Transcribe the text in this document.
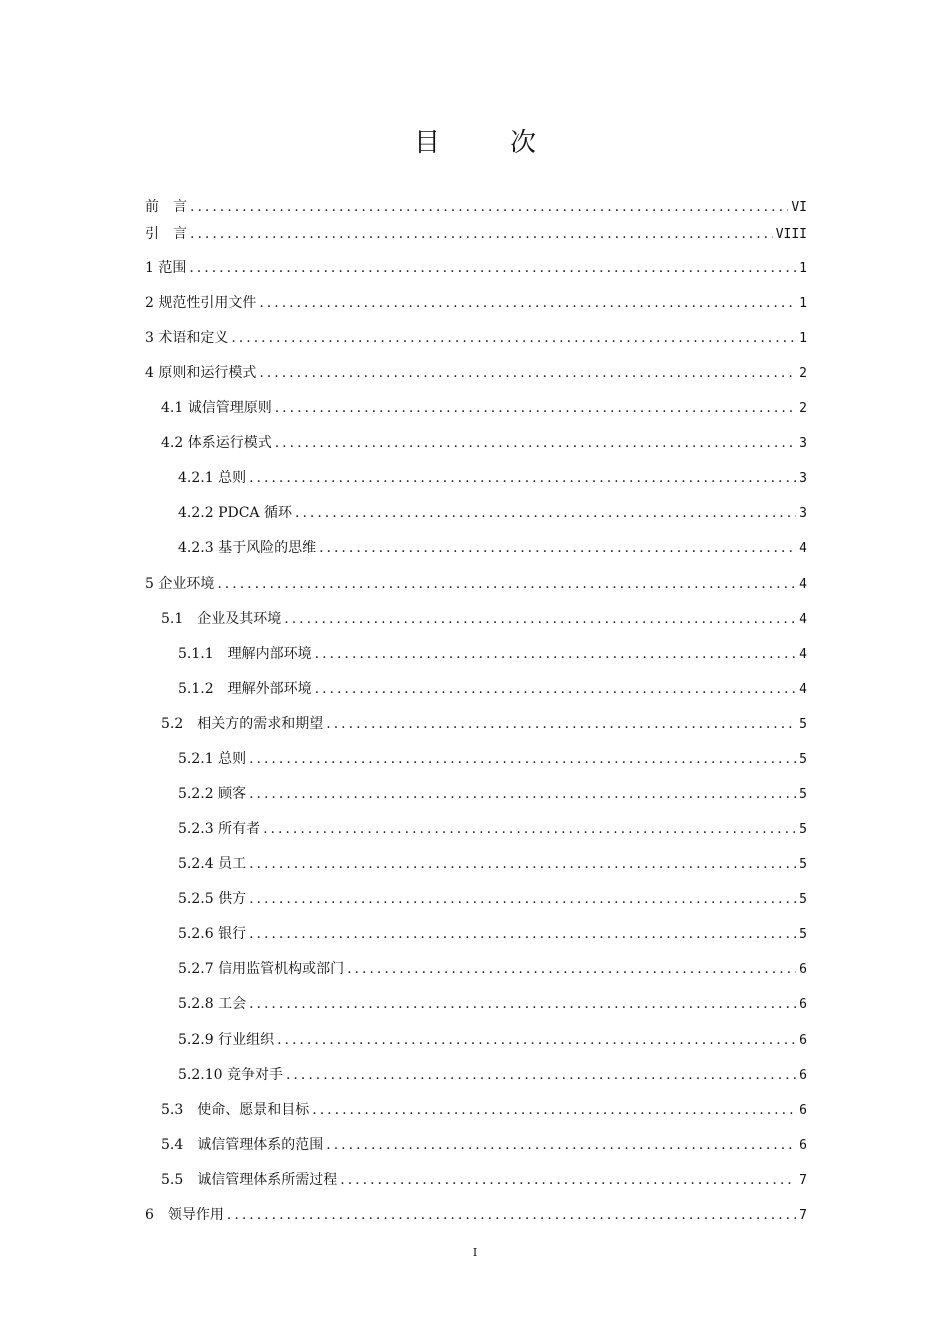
目　次
前　言 .....	VI
引　言 .....	VIII
1 范围 .....	1
2 规范性引用文件 .....	1
3 术语和定义 .....	1
4 原则和运行模式 .....	2
4.1 诚信管理原则 .....	2
4.2 体系运行模式 .....	3
4.2.1 总则 .....	3
4.2.2 PDCA 循环 .....	3
4.2.3 基于风险的思维 .....	4
5 企业环境 .....	4
5.1　企业及其环境 .....	4
5.1.1　理解内部环境 .....	4
5.1.2　理解外部环境 .....	4
5.2　相关方的需求和期望 .....	5
5.2.1 总则 .....	5
5.2.2 顾客 .....	5
5.2.3 所有者 .....	5
5.2.4 员工 .....	5
5.2.5 供方 .....	5
5.2.6 银行 .....	5
5.2.7 信用监管机构或部门 .....	6
5.2.8 工会 .....	6
5.2.9 行业组织 .....	6
5.2.10 竞争对手 .....	6
5.3　使命、愿景和目标 .....	6
5.4　诚信管理体系的范围 .....	6
5.5　诚信管理体系所需过程 .....	7
6　领导作用 .....	7
I
